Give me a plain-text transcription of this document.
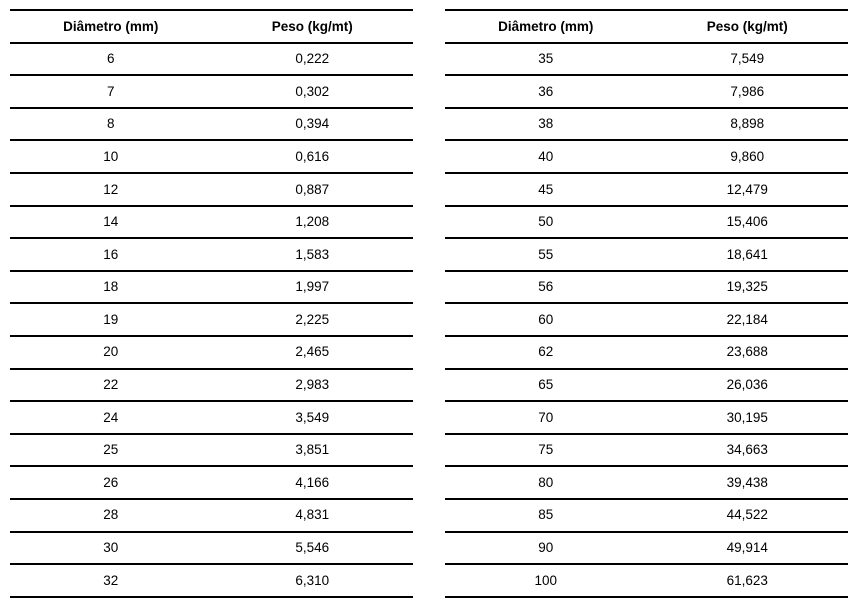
Diâmetro (mm)	Peso (kg/mt)
6	0,222
7	0,302
8	0,394
10	0,616
12	0,887
14	1,208
16	1,583
18	1,997
19	2,225
20	2,465
22	2,983
24	3,549
25	3,851
26	4,166
28	4,831
30	5,546
32	6,310
Diâmetro (mm)	Peso (kg/mt)
35	7,549
36	7,986
38	8,898
40	9,860
45	12,479
50	15,406
55	18,641
56	19,325
60	22,184
62	23,688
65	26,036
70	30,195
75	34,663
80	39,438
85	44,522
90	49,914
100	61,623
